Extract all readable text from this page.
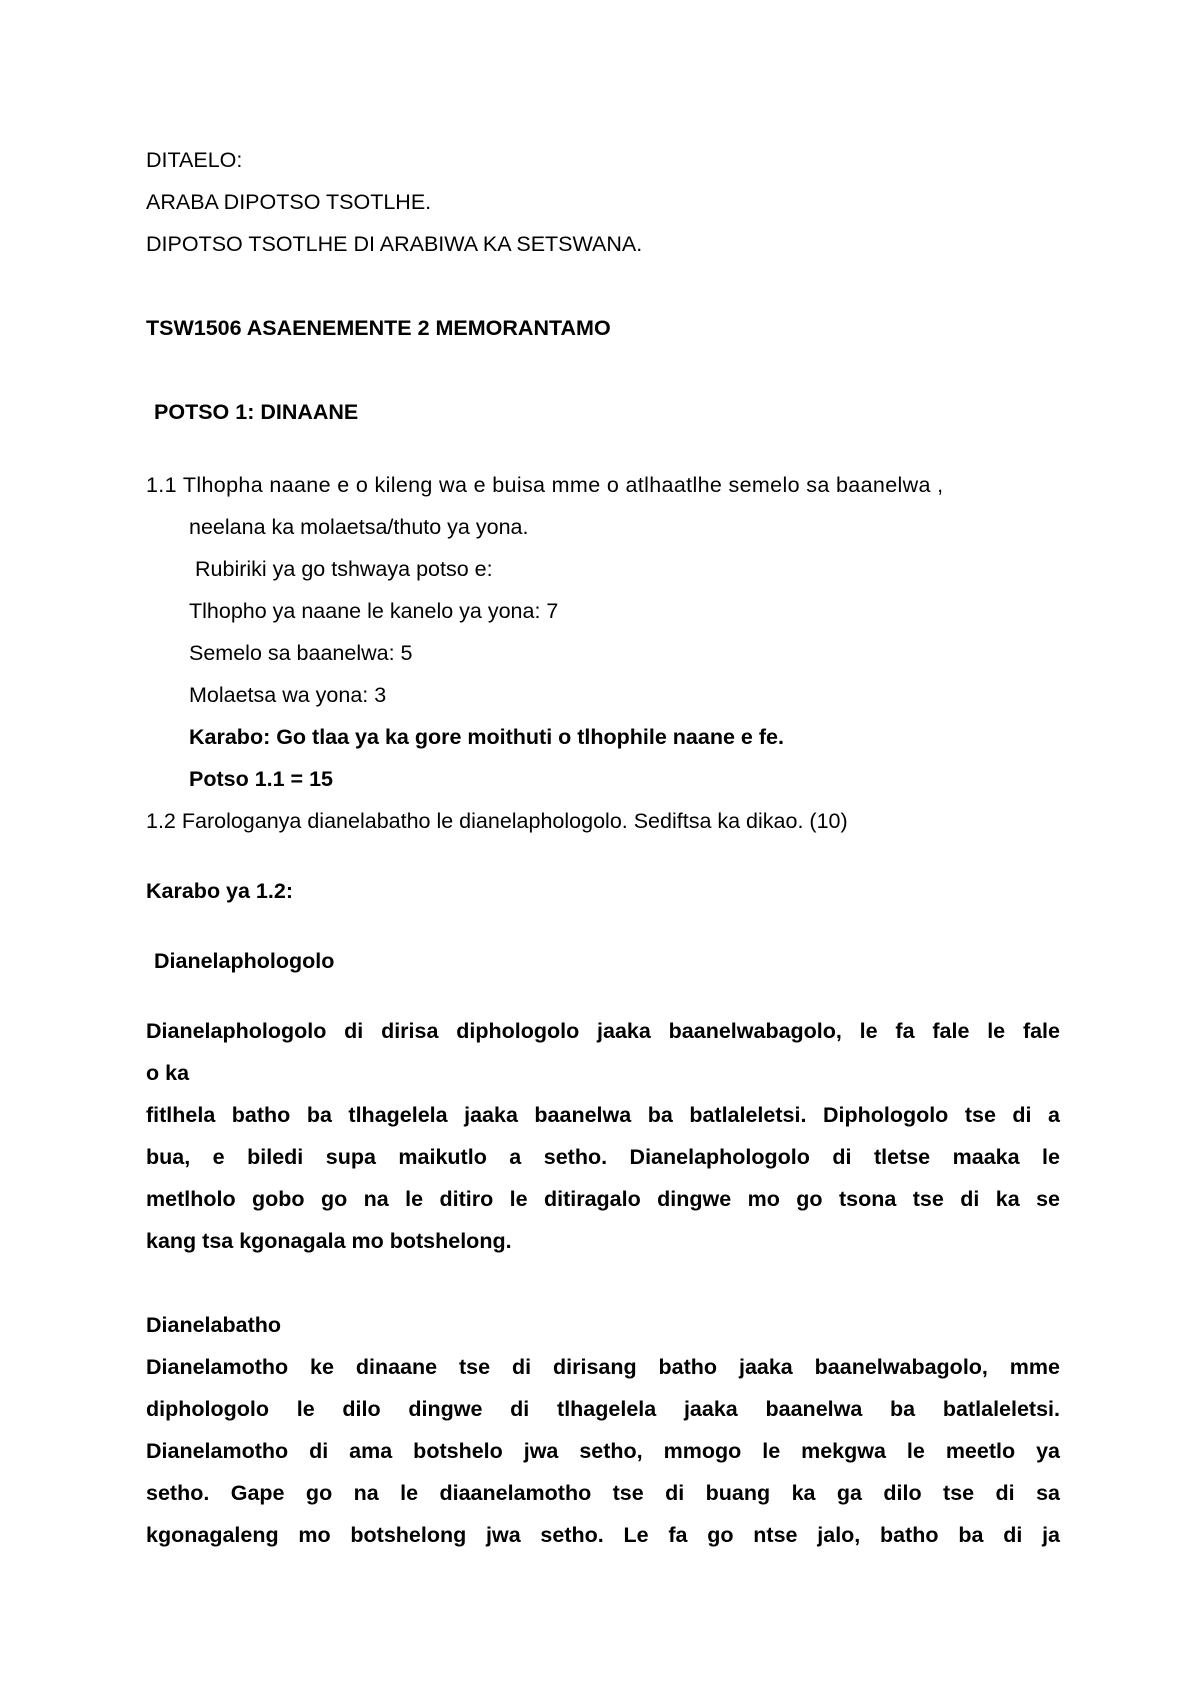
DITAELO:
ARABA DIPOTSO TSOTLHE.
DIPOTSO TSOTLHE DI ARABIWA KA SETSWANA.
TSW1506 ASAENEMENTE 2 MEMORANTAMO
POTSO 1: DINAANE
1.1 Tlhopha naane e o kileng wa e buisa mme o atlhaatlhe semelo sa baanelwa ,
neelana ka molaetsa/thuto ya yona.
Rubiriki ya go tshwaya potso e:
Tlhopho ya naane le kanelo ya yona: 7
Semelo sa baanelwa: 5
Molaetsa wa yona: 3
Karabo: Go tlaa ya ka gore moithuti o tlhophile naane e fe.
Potso 1.1 = 15
1.2 Farologanya dianelabatho le dianelaphologolo. Sediftsa ka dikao. (10)
Karabo ya 1.2:
Dianelaphologolo
Dianelaphologolo di dirisa diphologolo jaaka baanelwabagolo, le fa fale le fale
o ka
fitlhela batho ba tlhagelela jaaka baanelwa ba batlaleletsi. Diphologolo tse di a
bua, e biledi supa maikutlo a setho. Dianelaphologolo di tletse maaka le
metlholo gobo go na le ditiro le ditiragalo dingwe mo go tsona tse di ka se
kang tsa kgonagala mo botshelong.
Dianelabatho
Dianelamotho ke dinaane tse di dirisang batho jaaka baanelwabagolo, mme
diphologolo le dilo dingwe di tlhagelela jaaka baanelwa ba batlaleletsi.
Dianelamotho di ama botshelo jwa setho, mmogo le mekgwa le meetlo ya
setho. Gape go na le diaanelamotho tse di buang ka ga dilo tse di sa
kgonagaleng mo botshelong jwa setho. Le fa go ntse jalo, batho ba di ja
